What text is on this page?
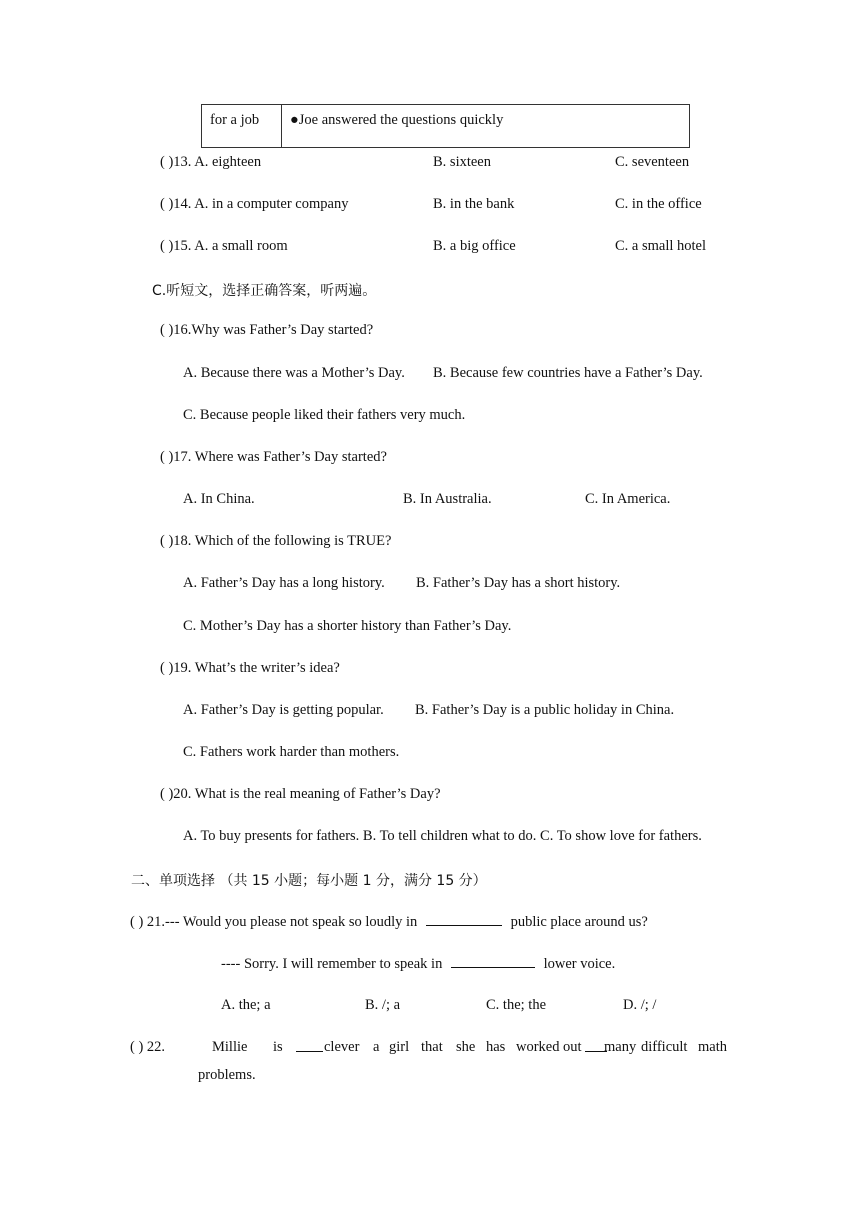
for a job	●Joe answered the questions quickly
( )13. A. eighteen	B. sixteen	C. seventeen
( )14. A. in a computer company	B. in the bank	C. in the office
( )15. A. a small room	B. a big office	C. a small hotel
C.听短文，选择正确答案，听两遍。
( )16.Why was Father’s Day started?
A. Because there was a Mother’s Day. B. Because few countries have a Father’s Day.
C. Because people liked their fathers very much.
( )17. Where was Father’s Day started?
A. In China.	B. In Australia.	C. In America.
( )18. Which of the following is TRUE?
A. Father’s Day has a long history. B. Father’s Day has a short history.
C. Mother’s Day has a shorter history than Father’s Day.
( )19. What’s the writer’s idea?
A. Father’s Day is getting popular. B. Father’s Day is a public holiday in China.
C. Fathers work harder than mothers.
( )20. What is the real meaning of Father’s Day?
A. To buy presents for fathers. B. To tell children what to do. C. To show love for fathers.
二、单项选择 （共 15 小题；每小题 1 分，满分 15 分）
( ) 21.--- Would you please not speak so loudly in	public place around us?
---- Sorry. I will remember to speak in	lower voice.
A. the; a	B. /; a	C. the; the	D. /; /
( ) 22.	Millie is	clever a girl that she has worked out many difficult math
problems.
